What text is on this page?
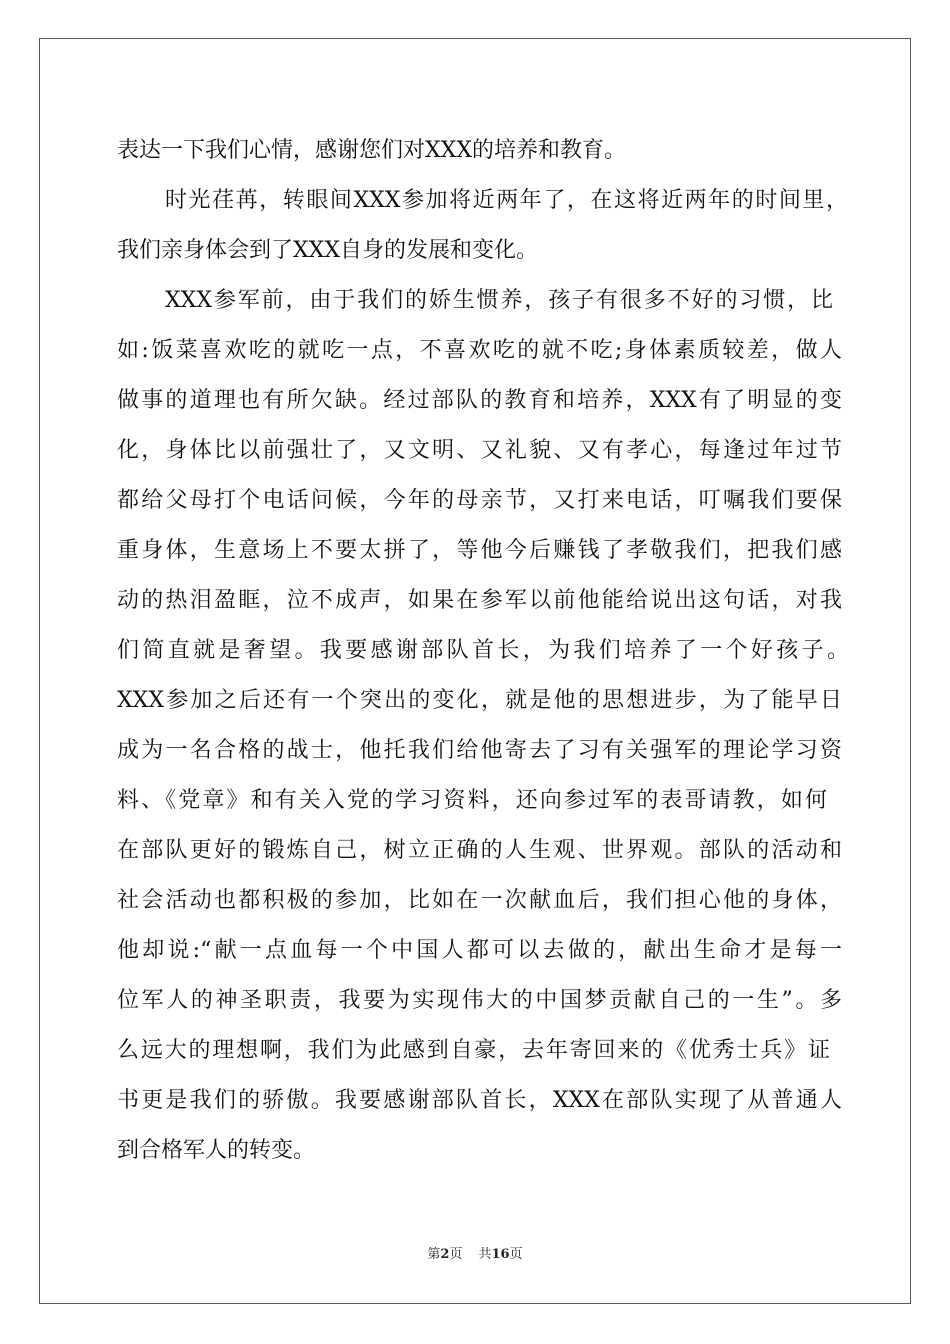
表达一下我们心情，感谢您们对XXX的培养和教育。
时光荏苒，转眼间XXX参加将近两年了，在这将近两年的时间里，
我们亲身体会到了XXX自身的发展和变化。
XXX参军前，由于我们的娇生惯养，孩子有很多不好的习惯，比
如:饭菜喜欢吃的就吃一点，不喜欢吃的就不吃;身体素质较差，做人
做事的道理也有所欠缺。经过部队的教育和培养，XXX有了明显的变
化，身体比以前强壮了，又文明、又礼貌、又有孝心，每逢过年过节
都给父母打个电话问候，今年的母亲节，又打来电话，叮嘱我们要保
重身体，生意场上不要太拼了，等他今后赚钱了孝敬我们，把我们感
动的热泪盈眶，泣不成声，如果在参军以前他能给说出这句话，对我
们简直就是奢望。我要感谢部队首长，为我们培养了一个好孩子。
XXX参加之后还有一个突出的变化，就是他的思想进步，为了能早日
成为一名合格的战士，他托我们给他寄去了习有关强军的理论学习资
料、《党章》和有关入党的学习资料，还向参过军的表哥请教，如何
在部队更好的锻炼自己，树立正确的人生观、世界观。部队的活动和
社会活动也都积极的参加，比如在一次献血后，我们担心他的身体，
他却说:“献一点血每一个中国人都可以去做的，献出生命才是每一
位军人的神圣职责，我要为实现伟大的中国梦贡献自己的一生”。多
么远大的理想啊，我们为此感到自豪，去年寄回来的《优秀士兵》证
书更是我们的骄傲。我要感谢部队首长，XXX在部队实现了从普通人
到合格军人的转变。
第2页 共16页
